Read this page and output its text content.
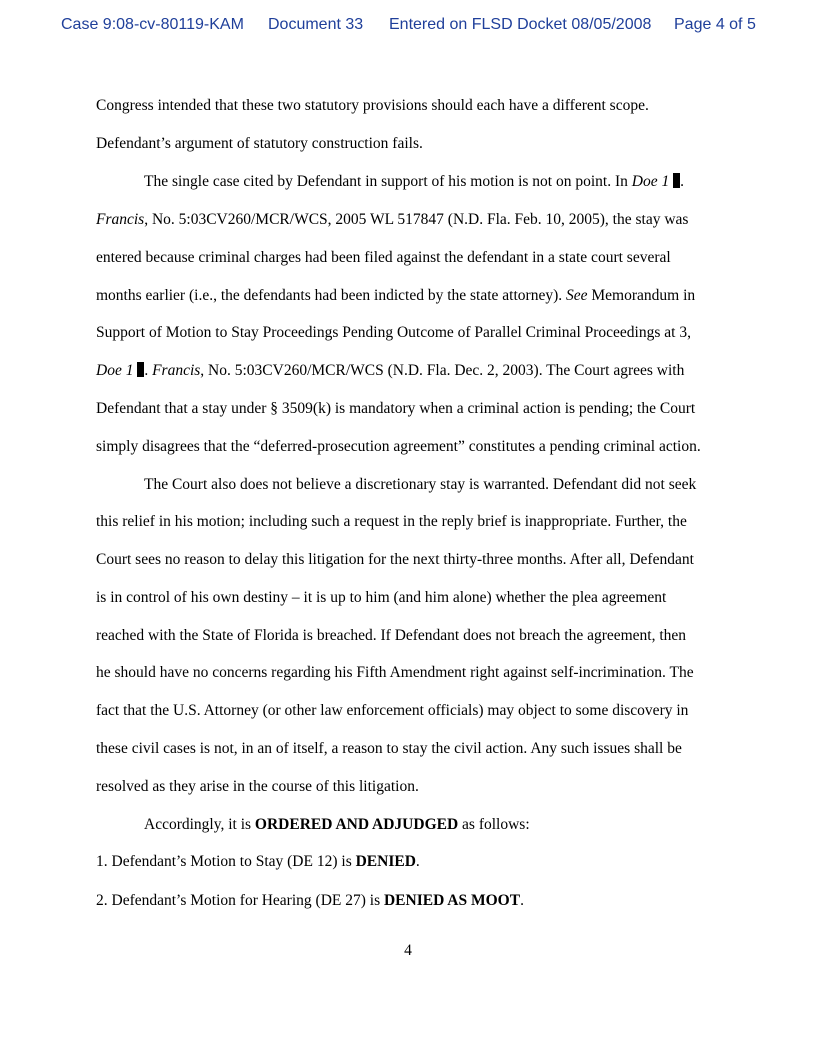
Case 9:08-cv-80119-KAM Document 33 Entered on FLSD Docket 08/05/2008 Page 4 of 5
Congress intended that these two statutory provisions should each have a different scope.
Defendant’s argument of statutory construction fails.
The single case cited by Defendant in support of his motion is not on point. In Doe 1 .
Francis, No. 5:03CV260/MCR/WCS, 2005 WL 517847 (N.D. Fla. Feb. 10, 2005), the stay was
entered because criminal charges had been filed against the defendant in a state court several
months earlier (i.e., the defendants had been indicted by the state attorney). See Memorandum in
Support of Motion to Stay Proceedings Pending Outcome of Parallel Criminal Proceedings at 3,
Doe 1 . Francis, No. 5:03CV260/MCR/WCS (N.D. Fla. Dec. 2, 2003). The Court agrees with
Defendant that a stay under § 3509(k) is mandatory when a criminal action is pending; the Court
simply disagrees that the “deferred-prosecution agreement” constitutes a pending criminal action.
The Court also does not believe a discretionary stay is warranted. Defendant did not seek
this relief in his motion; including such a request in the reply brief is inappropriate. Further, the
Court sees no reason to delay this litigation for the next thirty-three months. After all, Defendant
is in control of his own destiny – it is up to him (and him alone) whether the plea agreement
reached with the State of Florida is breached. If Defendant does not breach the agreement, then
he should have no concerns regarding his Fifth Amendment right against self-incrimination. The
fact that the U.S. Attorney (or other law enforcement officials) may object to some discovery in
these civil cases is not, in an of itself, a reason to stay the civil action. Any such issues shall be
resolved as they arise in the course of this litigation.
Accordingly, it is ORDERED AND ADJUDGED as follows:
1. Defendant’s Motion to Stay (DE 12) is DENIED.
2. Defendant’s Motion for Hearing (DE 27) is DENIED AS MOOT.
4
